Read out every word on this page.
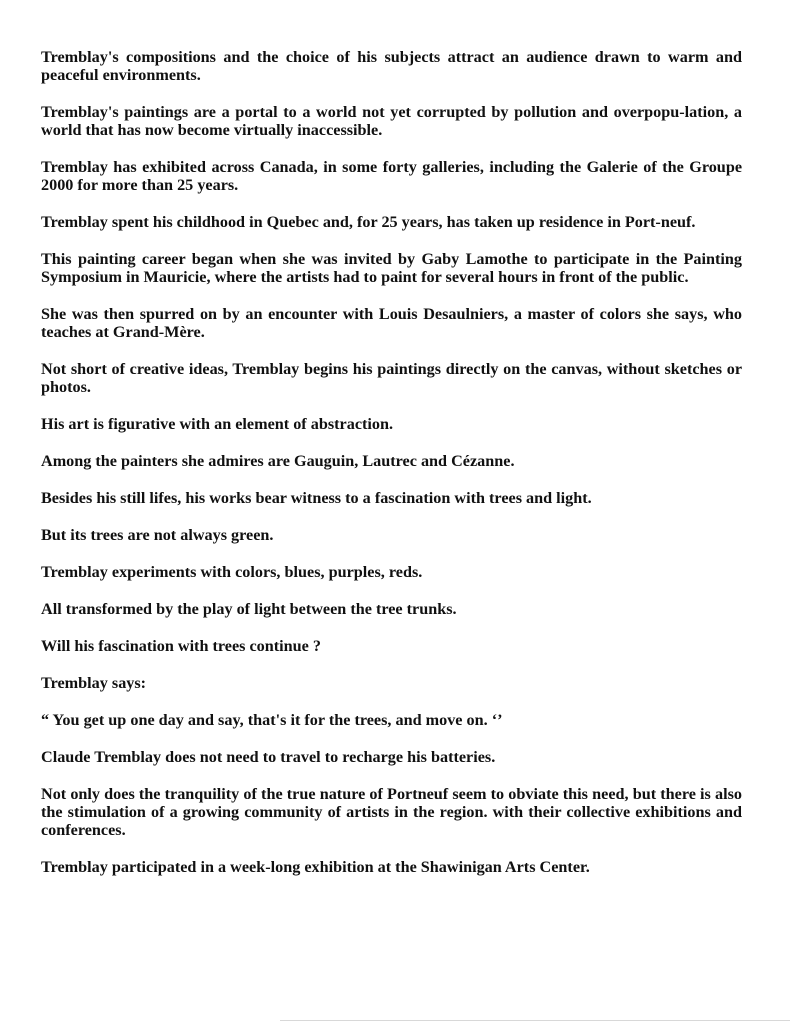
Tremblay's compositions and the choice of his subjects attract an audience drawn to warm and peaceful environments.

Tremblay's paintings are a portal to a world not yet corrupted by pollution and overpopu-lation, a world that has now become virtually inaccessible.

Tremblay has exhibited across Canada, in some forty galleries, including the Galerie of the Groupe 2000 for more than 25 years.

Tremblay spent his childhood in Quebec and, for 25 years, has taken up residence in Port-neuf.

This painting career began when she was invited by Gaby Lamothe to participate in the Painting Symposium in Mauricie, where the artists had to paint for several hours in front of the public.

She was then spurred on by an encounter with Louis Desaulniers, a master of colors she says, who teaches at Grand-Mère.

Not short of creative ideas, Tremblay begins his paintings directly on the canvas, without sketches or photos.

His art is figurative with an element of abstraction.

Among the painters she admires are Gauguin, Lautrec and Cézanne.

Besides his still lifes, his works bear witness to a fascination with trees and light.

But its trees are not always green.

Tremblay experiments with colors, blues, purples, reds.

All transformed by the play of light between the tree trunks.

Will his fascination with trees continue ?

Tremblay says:

“ You get up one day and say, that's it for the trees, and move on. ‘’

Claude Tremblay does not need to travel to recharge his batteries.

Not only does the tranquility of the true nature of Portneuf seem to obviate this need, but there is also the stimulation of a growing community of artists in the region. with their collective exhibitions and conferences.

Tremblay participated in a week-long exhibition at the Shawinigan Arts Center.
